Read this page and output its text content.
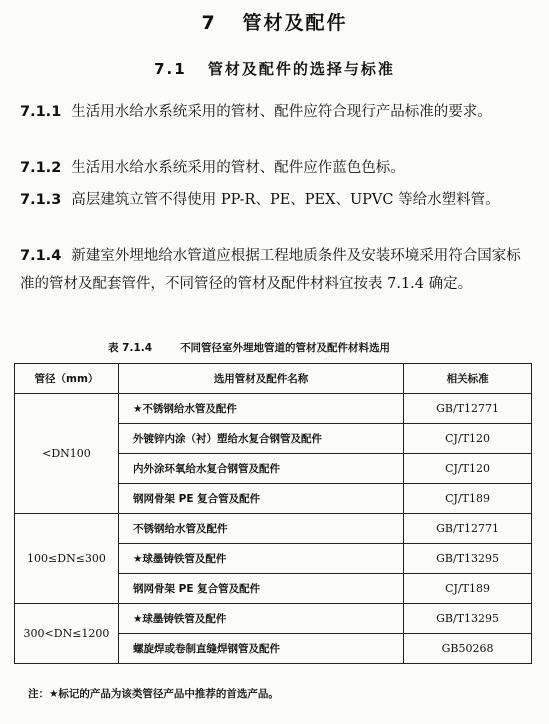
7 管材及配件
7.1 管材及配件的选择与标准
7.1.1 生活用水给水系统采用的管材、配件应符合现行产品标准的要求。
7.1.2 生活用水给水系统采用的管材、配件应作蓝色色标。
7.1.3 高层建筑立管不得使用 PP-R、PE、PEX、UPVC 等给水塑料管。
7.1.4 新建室外埋地给水管道应根据工程地质条件及安装环境采用符合国家标准的管材及配套管件，不同管径的管材及配件材料宜按表 7.1.4 确定。
表 7.1.4	不同管径室外埋地管道的管材及配件材料选用
管径（mm）	选用管材及配件名称	相关标准
<DN100	★不锈钢给水管及配件	GB/T12771
	外镀锌内涂（衬）塑给水复合钢管及配件	CJ/T120
	内外涂环氧给水复合钢管及配件	CJ/T120
	钢网骨架 PE 复合管及配件	CJ/T189
100≤DN≤300	不锈钢给水管及配件	GB/T12771
	★球墨铸铁管及配件	GB/T13295
	钢网骨架 PE 复合管及配件	CJ/T189
300<DN≤1200	★球墨铸铁管及配件	GB/T13295
	螺旋焊或卷制直缝焊钢管及配件	GB50268
注：★标记的产品为该类管径产品中推荐的首选产品。
